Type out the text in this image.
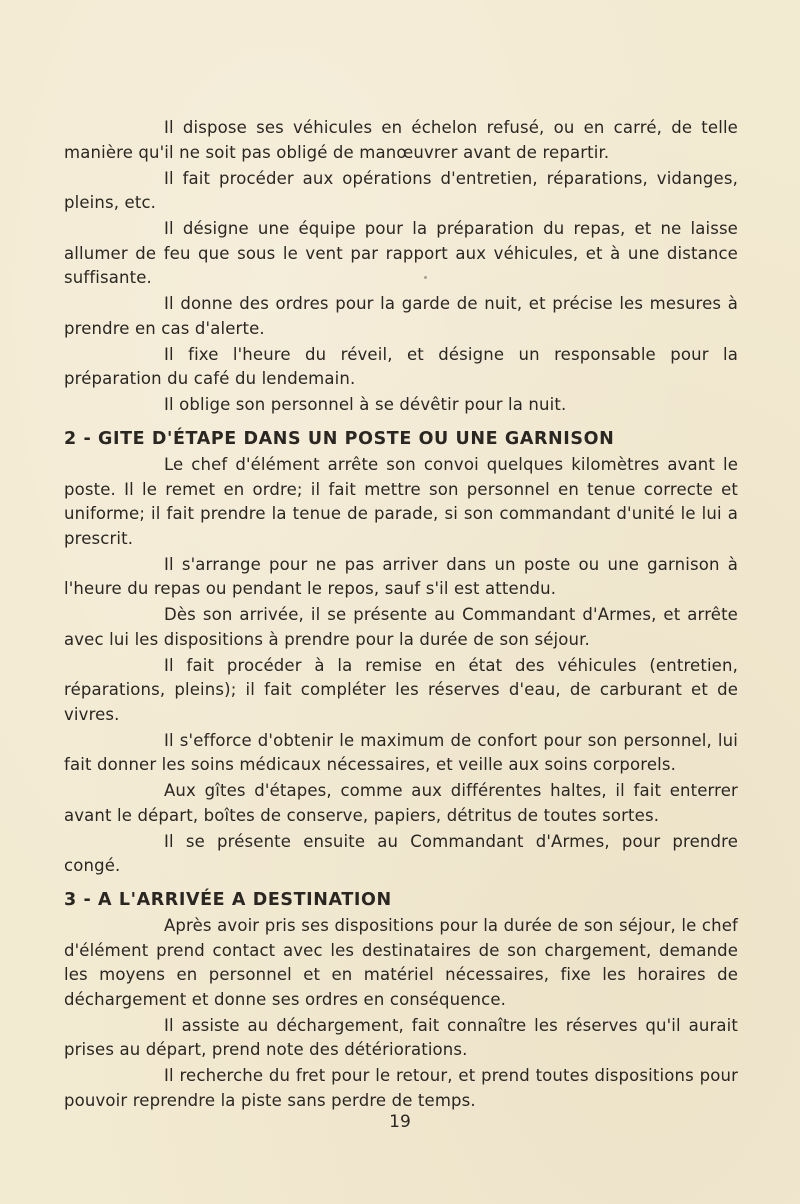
Il dispose ses véhicules en échelon refusé, ou en carré, de telle manière qu'il ne soit pas obligé de manœuvrer avant de repartir.

Il fait procéder aux opérations d'entretien, réparations, vidanges, pleins, etc.

Il désigne une équipe pour la préparation du repas, et ne laisse allumer de feu que sous le vent par rapport aux véhicules, et à une distance suffisante.

Il donne des ordres pour la garde de nuit, et précise les mesures à prendre en cas d'alerte.

Il fixe l'heure du réveil, et désigne un responsable pour la préparation du café du lendemain.

Il oblige son personnel à se dévêtir pour la nuit.

2 - GITE D'ÉTAPE DANS UN POSTE OU UNE GARNISON

Le chef d'élément arrête son convoi quelques kilomètres avant le poste. Il le remet en ordre; il fait mettre son personnel en tenue correcte et uniforme; il fait prendre la tenue de parade, si son commandant d'unité le lui a prescrit.

Il s'arrange pour ne pas arriver dans un poste ou une garnison à l'heure du repas ou pendant le repos, sauf s'il est attendu.

Dès son arrivée, il se présente au Commandant d'Armes, et arrête avec lui les dispositions à prendre pour la durée de son séjour.

Il fait procéder à la remise en état des véhicules (entretien, réparations, pleins); il fait compléter les réserves d'eau, de carburant et de vivres.

Il s'efforce d'obtenir le maximum de confort pour son personnel, lui fait donner les soins médicaux nécessaires, et veille aux soins corporels.

Aux gîtes d'étapes, comme aux différentes haltes, il fait enterrer avant le départ, boîtes de conserve, papiers, détritus de toutes sortes.

Il se présente ensuite au Commandant d'Armes, pour prendre congé.

3 - A L'ARRIVÉE A DESTINATION

Après avoir pris ses dispositions pour la durée de son séjour, le chef d'élément prend contact avec les destinataires de son chargement, demande les moyens en personnel et en matériel nécessaires, fixe les horaires de déchargement et donne ses ordres en conséquence.

Il assiste au déchargement, fait connaître les réserves qu'il aurait prises au départ, prend note des détériorations.

Il recherche du fret pour le retour, et prend toutes dispositions pour pouvoir reprendre la piste sans perdre de temps.

19
